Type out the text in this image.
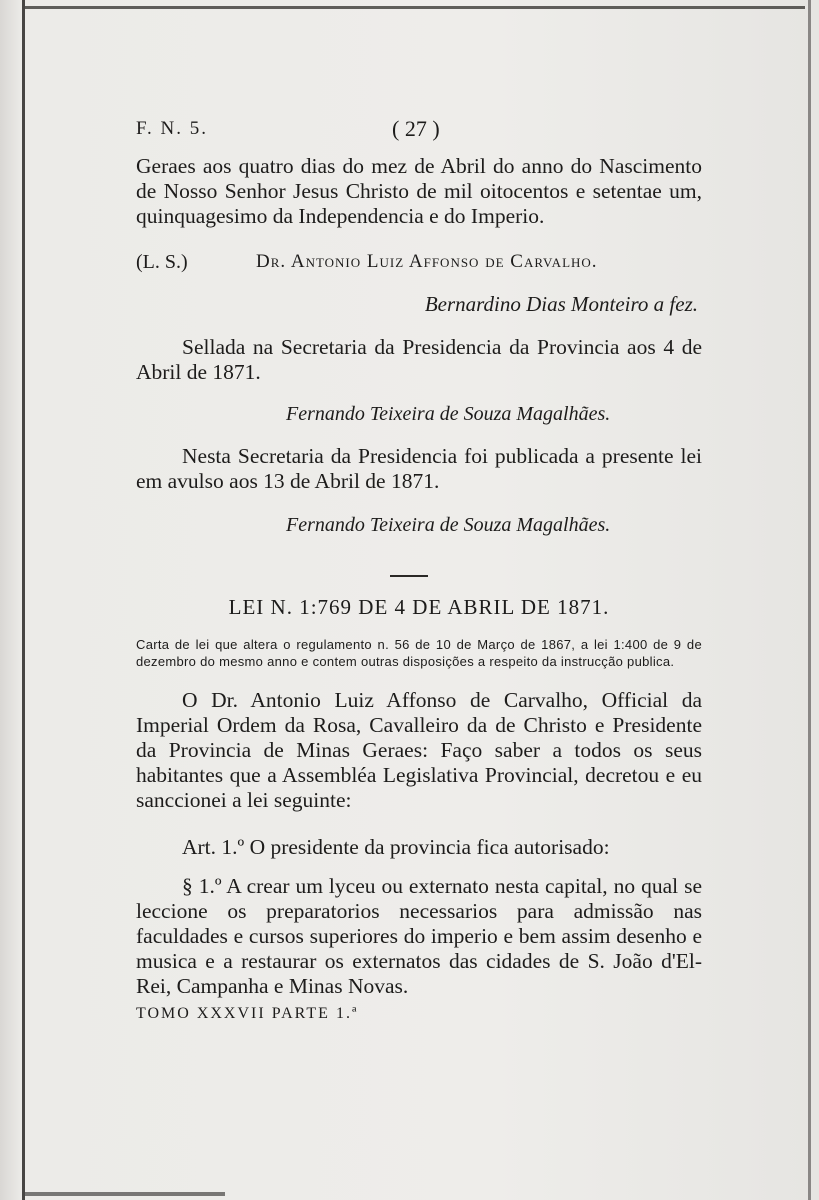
F. N. 5.	( 27 )

Geraes aos quatro dias do mez de Abril do anno do Nascimento de Nosso Senhor Jesus Christo de mil oitocentos e setentae um, quinquagesimo da Independencia e do Imperio.

(L. S.)	Dr. Antonio Luiz Affonso de Carvalho.

Bernardino Dias Monteiro a fez.

Sellada na Secretaria da Presidencia da Provincia aos 4 de Abril de 1871.

Fernando Teixeira de Souza Magalhães.

Nesta Secretaria da Presidencia foi publicada a presente lei em avulso aos 13 de Abril de 1871.

Fernando Teixeira de Souza Magalhães.

LEI N. 1:769 DE 4 DE ABRIL DE 1871.

Carta de lei que altera o regulamento n. 56 de 10 de Março de 1867, a lei 1:400 de 9 de dezembro do mesmo anno e contem outras disposições a respeito da instrucção publica.

O Dr. Antonio Luiz Affonso de Carvalho, Official da Imperial Ordem da Rosa, Cavalleiro da de Christo e Presidente da Provincia de Minas Geraes: Faço saber a todos os seus habitantes que a Assembléa Legislativa Provincial, decretou e eu sanccionei a lei seguinte:

Art. 1.º O presidente da provincia fica autorisado:

§ 1.º A crear um lyceu ou externato nesta capital, no qual se leccione os preparatorios necessarios para admissão nas faculdades e cursos superiores do imperio e bem assim desenho e musica e a restaurar os externatos das cidades de S. João d'El-Rei, Campanha e Minas Novas.

TOMO XXXVII PARTE 1.ª
